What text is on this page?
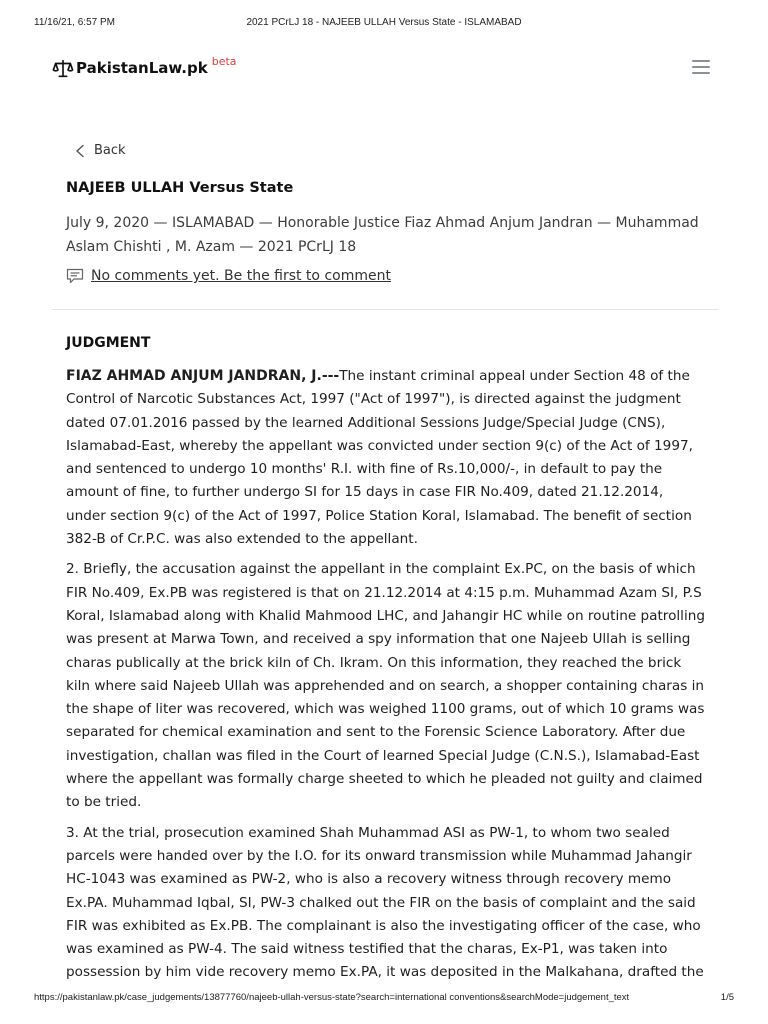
11/16/21, 6:57 PM	2021 PCrLJ 18 - NAJEEB ULLAH Versus State - ISLAMABAD
PakistanLaw.pk beta
Back
NAJEEB ULLAH Versus State
July 9, 2020 — ISLAMABAD — Honorable Justice Fiaz Ahmad Anjum Jandran — Muhammad Aslam Chishti , M. Azam — 2021 PCrLJ 18
No comments yet. Be the first to comment
JUDGMENT

FIAZ AHMAD ANJUM JANDRAN, J.---The instant criminal appeal under Section 48 of the Control of Narcotic Substances Act, 1997 ("Act of 1997"), is directed against the judgment dated 07.01.2016 passed by the learned Additional Sessions Judge/Special Judge (CNS), Islamabad-East, whereby the appellant was convicted under section 9(c) of the Act of 1997, and sentenced to undergo 10 months' R.I. with fine of Rs.10,000/-, in default to pay the amount of fine, to further undergo SI for 15 days in case FIR No.409, dated 21.12.2014, under section 9(c) of the Act of 1997, Police Station Koral, Islamabad. The benefit of section 382-B of Cr.P.C. was also extended to the appellant.

2. Briefly, the accusation against the appellant in the complaint Ex.PC, on the basis of which FIR No.409, Ex.PB was registered is that on 21.12.2014 at 4:15 p.m. Muhammad Azam SI, P.S Koral, Islamabad along with Khalid Mahmood LHC, and Jahangir HC while on routine patrolling was present at Marwa Town, and received a spy information that one Najeeb Ullah is selling charas publically at the brick kiln of Ch. Ikram. On this information, they reached the brick kiln where said Najeeb Ullah was apprehended and on search, a shopper containing charas in the shape of liter was recovered, which was weighed 1100 grams, out of which 10 grams was separated for chemical examination and sent to the Forensic Science Laboratory. After due investigation, challan was filed in the Court of learned Special Judge (C.N.S.), Islamabad-East where the appellant was formally charge sheeted to which he pleaded not guilty and claimed to be tried.

3. At the trial, prosecution examined Shah Muhammad ASI as PW-1, to whom two sealed parcels were handed over by the I.O. for its onward transmission while Muhammad Jahangir HC-1043 was examined as PW-2, who is also a recovery witness through recovery memo Ex.PA. Muhammad Iqbal, SI, PW-3 chalked out the FIR on the basis of complaint and the said FIR was exhibited as Ex.PB. The complainant is also the investigating officer of the case, who was examined as PW-4. The said witness testified that the charas, Ex-P1, was taken into possession by him vide recovery memo Ex.PA, it was deposited in the Malkahana, drafted the

https://pakistanlaw.pk/case_judgements/13877760/najeeb-ullah-versus-state?search=international conventions&searchMode=judgement_text	1/5
